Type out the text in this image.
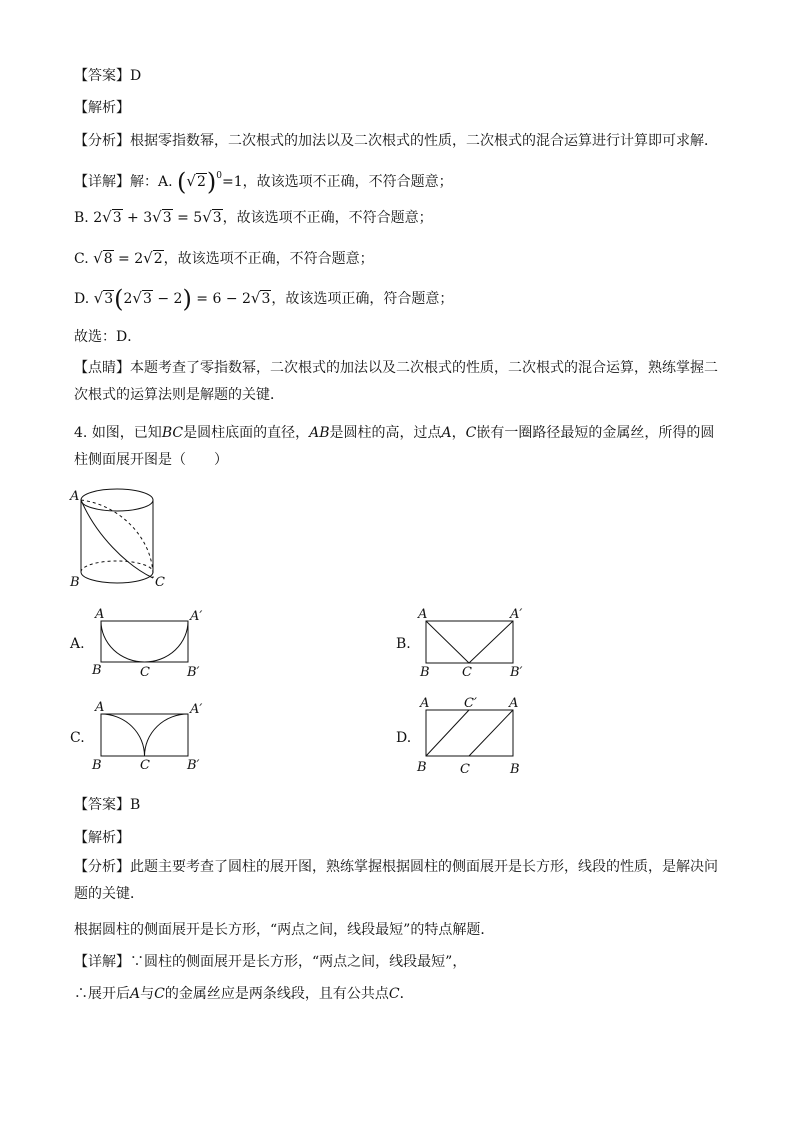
【答案】D
【解析】
【分析】根据零指数幂，二次根式的加法以及二次根式的性质，二次根式的混合运算进行计算即可求解．
【详解】解：A. $(√2)^0=1$，故该选项不正确，不符合题意；
B. 2√3 + 3√3 = 5√3，故该选项不正确，不符合题意；
C. √8 = 2√2，故该选项不正确，不符合题意；
D. √3(2√3 − 2) = 6 − 2√3，故该选项正确，符合题意；
故选：D．
【点睛】本题考查了零指数幂，二次根式的加法以及二次根式的性质，二次根式的混合运算，熟练掌握二次根式的运算法则是解题的关键．
4. 如图，已知BC是圆柱底面的直径，AB是圆柱的高，过点A，C嵌有一圈路径最短的金属丝，所得的圆柱侧面展开图是（　　）
A
B	C
A.
A	A′
B	C	B′
B.
A	A′
B C	B′
C.
A	A′
B	C	B′
D.
A	C′ A
B	C	B
【答案】B
【解析】
【分析】此题主要考查了圆柱的展开图，熟练掌握根据圆柱的侧面展开是长方形，线段的性质，是解决问题的关键．
根据圆柱的侧面展开是长方形，“两点之间，线段最短”的特点解题．
【详解】∵圆柱的侧面展开是长方形，“两点之间，线段最短”，
∴展开后A与C的金属丝应是两条线段，且有公共点C．
